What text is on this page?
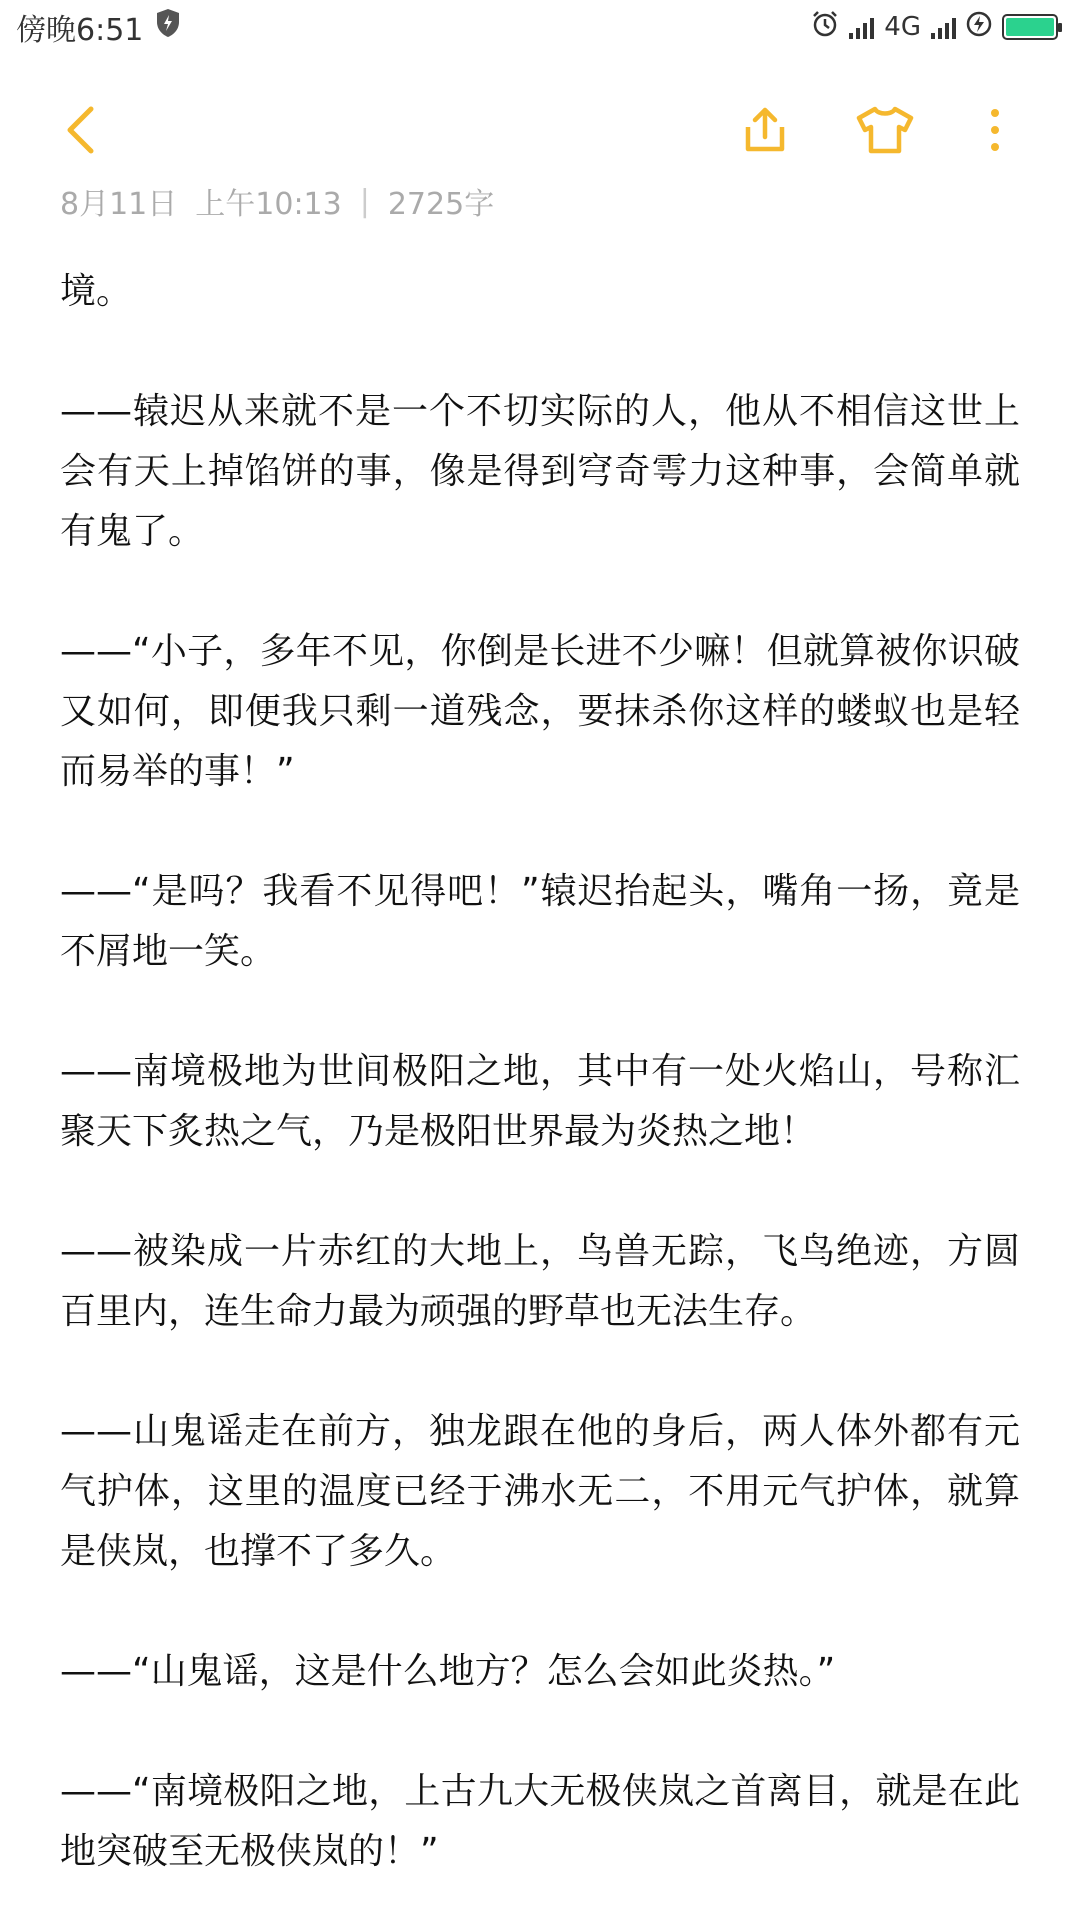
傍晚6:51	4G
8月11日 上午10:13 | 2725字

境。

——辕迟从来就不是一个不切实际的人，他从不相信这世上会有天上掉馅饼的事，像是得到穹奇雩力这种事，会简单就有鬼了。

——“小子，多年不见，你倒是长进不少嘛！但就算被你识破又如何，即便我只剩一道残念，要抹杀你这样的蝼蚁也是轻而易举的事！”

——“是吗？我看不见得吧！”辕迟抬起头，嘴角一扬，竟是不屑地一笑。

——南境极地为世间极阳之地，其中有一处火焰山，号称汇聚天下炙热之气，乃是极阳世界最为炎热之地！

——被染成一片赤红的大地上，鸟兽无踪，飞鸟绝迹，方圆百里内，连生命力最为顽强的野草也无法生存。

——山鬼谣走在前方，独龙跟在他的身后，两人体外都有元气护体，这里的温度已经于沸水无二，不用元气护体，就算是侠岚，也撑不了多久。

——“山鬼谣，这是什么地方？怎么会如此炎热。”

——“南境极阳之地，上古九大无极侠岚之首离目，就是在此地突破至无极侠岚的！”
